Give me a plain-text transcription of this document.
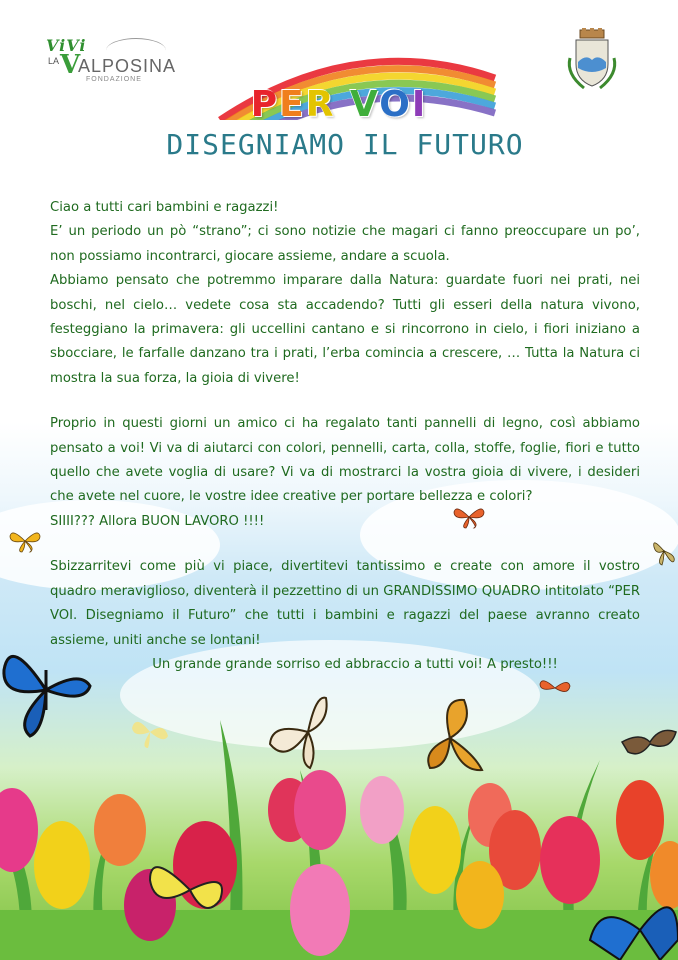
ViVi
LA V
ALPOSINA
FONDAZIONE
PER VOI
DISEGNIAMO IL FUTURO

Ciao a tutti cari bambini e ragazzi!

E’ un periodo un pò “strano”; ci sono notizie che magari ci fanno preoccupare un po’, non possiamo incontrarci, giocare assieme, andare a scuola.

Abbiamo pensato che potremmo imparare dalla Natura: guardate fuori nei prati, nei boschi, nel cielo… vedete cosa sta accadendo? Tutti gli esseri della natura vivono, festeggiano la primavera: gli uccellini cantano e si rincorrono in cielo, i fiori iniziano a sbocciare, le farfalle danzano tra i prati, l’erba comincia a crescere, … Tutta la Natura ci mostra la sua forza, la gioia di vivere!

Proprio in questi giorni un amico ci ha regalato tanti pannelli di legno, così abbiamo pensato a voi! Vi va di aiutarci con colori, pennelli, carta, colla, stoffe, foglie, fiori e tutto quello che avete voglia di usare? Vi va di mostrarci la vostra gioia di vivere, i desideri che avete nel cuore, le vostre idee creative per portare bellezza e colori?

SIIII??? Allora BUON LAVORO !!!!

Sbizzarritevi come più vi piace, divertitevi tantissimo e create con amore il vostro quadro meraviglioso, diventerà il pezzettino di un GRANDISSIMO QUADRO intitolato “PER VOI. Disegniamo il Futuro” che tutti i bambini e ragazzi del paese avranno creato assieme, uniti anche se lontani!

Un grande grande sorriso ed abbraccio a tutti voi! A presto!!!
